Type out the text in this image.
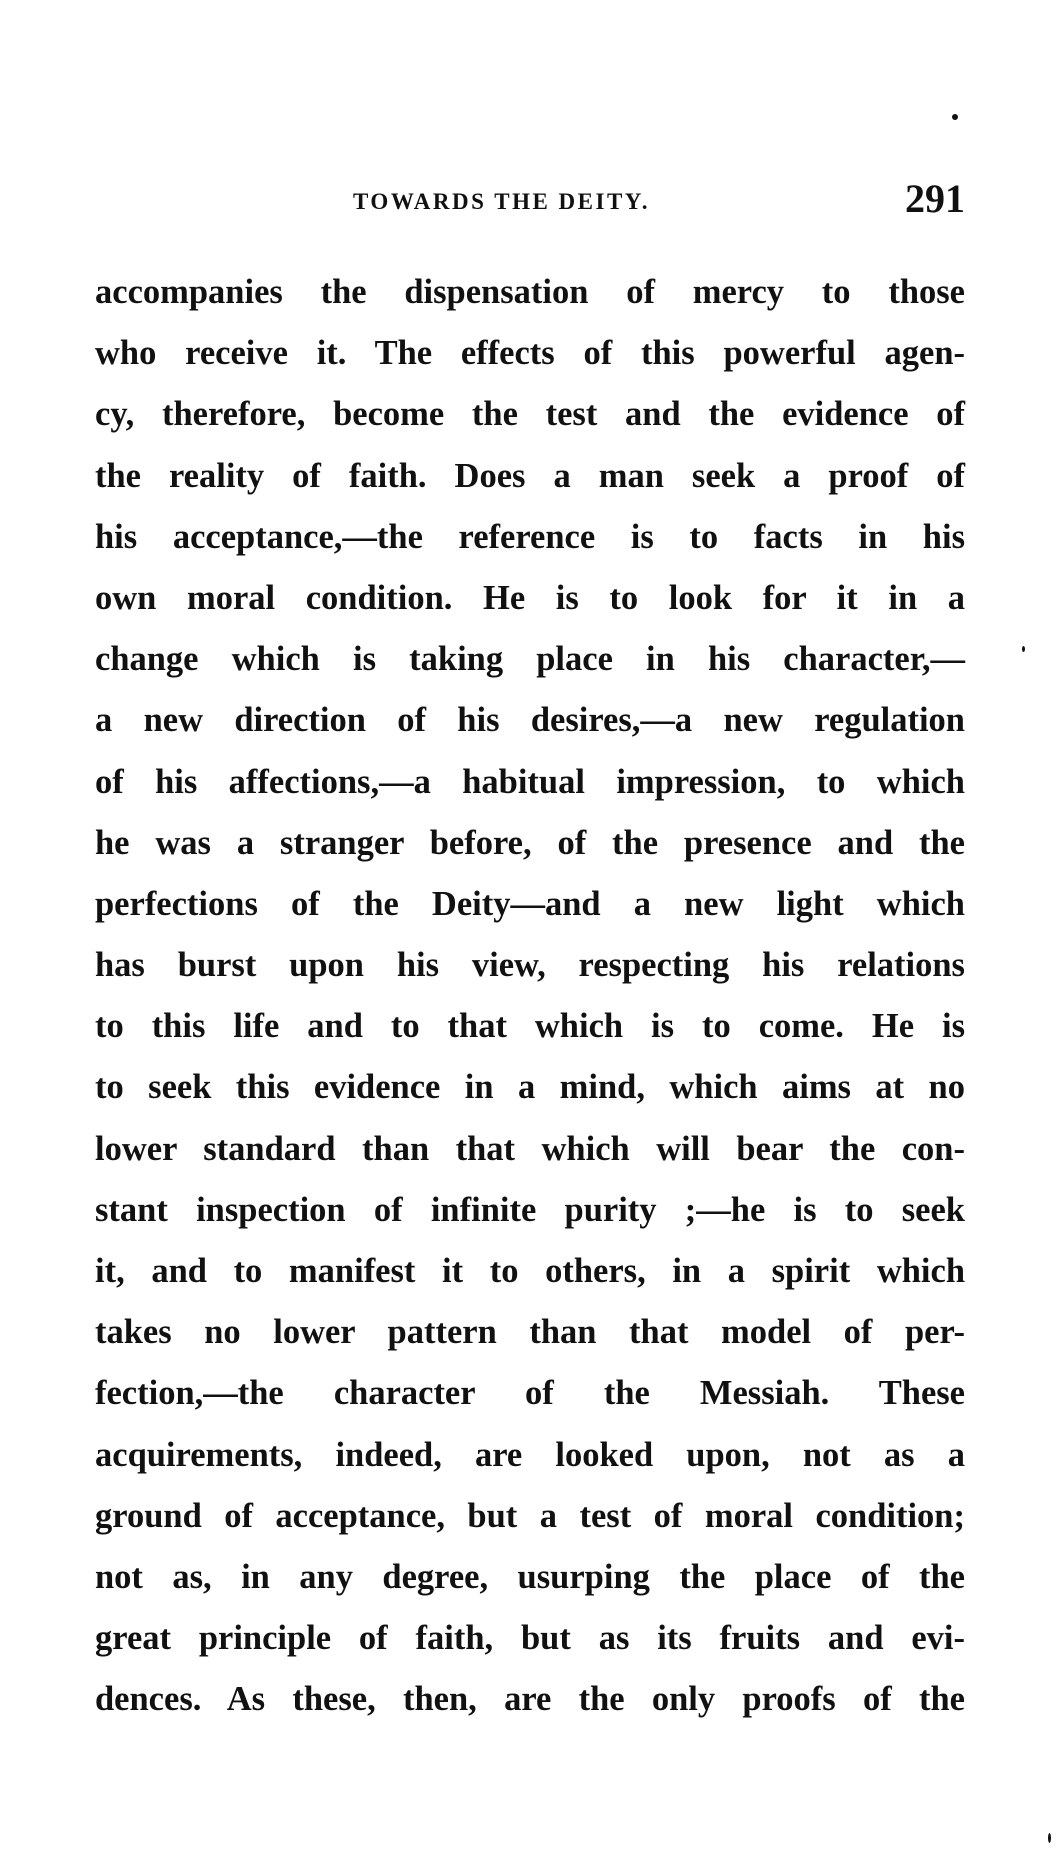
TOWARDS THE DEITY.	291
accompanies the dispensation of mercy to those
who receive it. The effects of this powerful agen-
cy, therefore, become the test and the evidence of
the reality of faith. Does a man seek a proof of
his acceptance,—the reference is to facts in his
own moral condition. He is to look for it in a
change which is taking place in his character,—
a new direction of his desires,—a new regulation
of his affections,—a habitual impression, to which
he was a stranger before, of the presence and the
perfections of the Deity—and a new light which
has burst upon his view, respecting his relations
to this life and to that which is to come. He is
to seek this evidence in a mind, which aims at no
lower standard than that which will bear the con-
stant inspection of infinite purity ;—he is to seek
it, and to manifest it to others, in a spirit which
takes no lower pattern than that model of per-
fection,—the character of the Messiah. These
acquirements, indeed, are looked upon, not as a
ground of acceptance, but a test of moral condition;
not as, in any degree, usurping the place of the
great principle of faith, but as its fruits and evi-
dences. As these, then, are the only proofs of the
